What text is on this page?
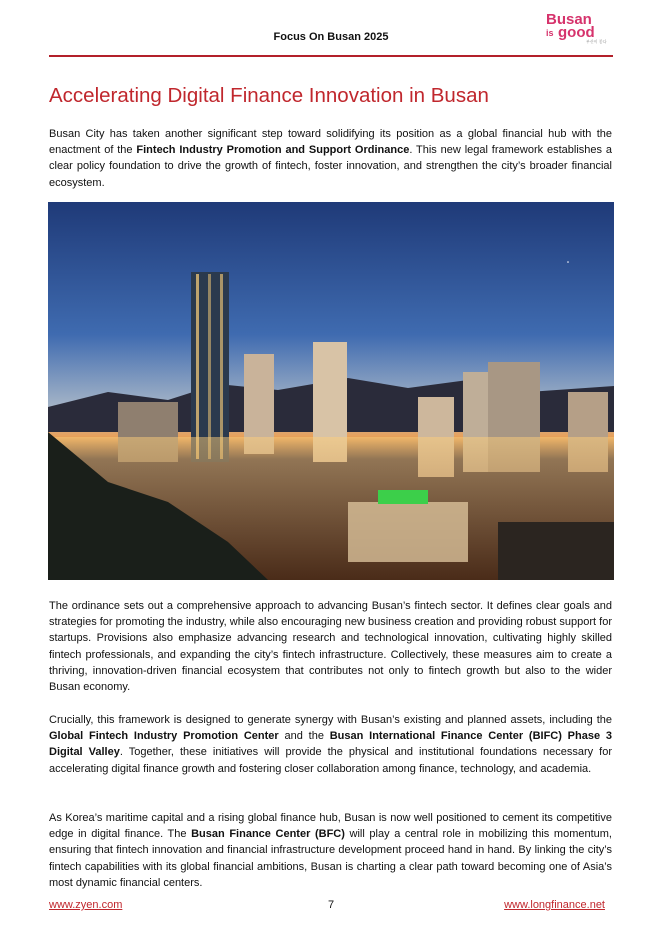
Focus On Busan 2025
Busan
is good
부산이 좋다
Accelerating Digital Finance Innovation in Busan

Busan City has taken another significant step toward solidifying its position as a global financial hub with the enactment of the Fintech Industry Promotion and Support Ordinance. This new legal framework establishes a clear policy foundation to drive the growth of fintech, foster innovation, and strengthen the city’s broader financial ecosystem.

The ordinance sets out a comprehensive approach to advancing Busan’s fintech sector. It defines clear goals and strategies for promoting the industry, while also encouraging new business creation and providing robust support for startups. Provisions also emphasize advancing research and technological innovation, cultivating highly skilled fintech professionals, and expanding the city’s fintech infrastructure. Collectively, these measures aim to create a thriving, innovation-driven financial ecosystem that contributes not only to fintech growth but also to the wider Busan economy.

Crucially, this framework is designed to generate synergy with Busan’s existing and planned assets, including the Global Fintech Industry Promotion Center and the Busan International Finance Center (BIFC) Phase 3 Digital Valley. Together, these initiatives will provide the physical and institutional foundations necessary for accelerating digital finance growth and fostering closer collaboration among finance, technology, and academia.

As Korea’s maritime capital and a rising global finance hub, Busan is now well positioned to cement its competitive edge in digital finance. The Busan Finance Center (BFC) will play a central role in mobilizing this momentum, ensuring that fintech innovation and financial infrastructure development proceed hand in hand. By linking the city’s fintech capabilities with its global financial ambitions, Busan is charting a clear path toward becoming one of Asia’s most dynamic financial centers.

www.zyen.com	7	www.longfinance.net
